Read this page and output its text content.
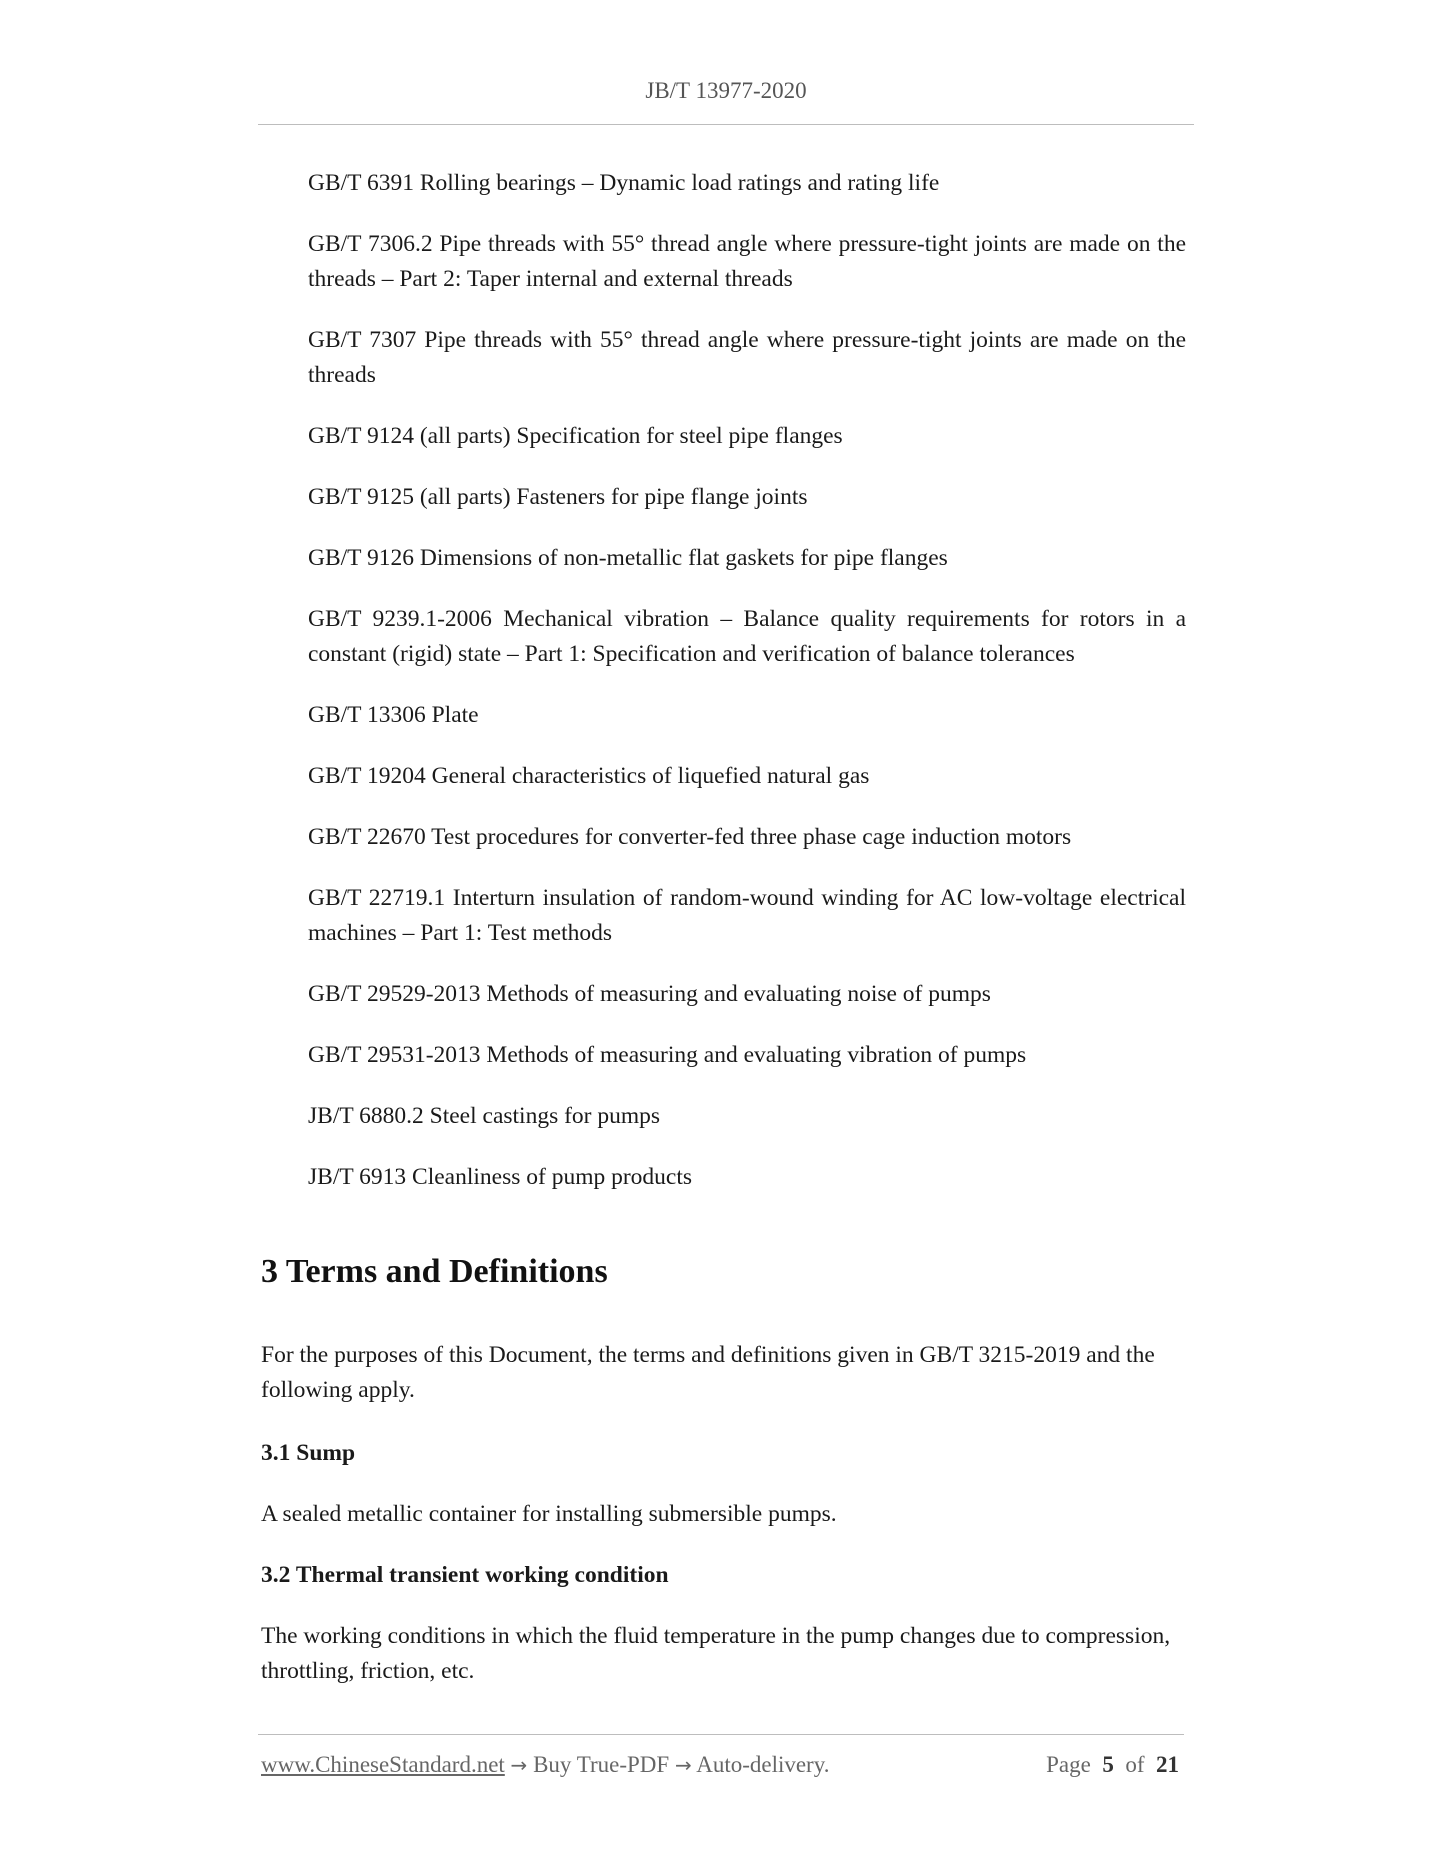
JB/T 13977-2020

GB/T 6391 Rolling bearings – Dynamic load ratings and rating life

GB/T 7306.2 Pipe threads with 55° thread angle where pressure-tight joints are made on the threads – Part 2: Taper internal and external threads

GB/T 7307 Pipe threads with 55° thread angle where pressure-tight joints are made on the threads

GB/T 9124 (all parts) Specification for steel pipe flanges

GB/T 9125 (all parts) Fasteners for pipe flange joints

GB/T 9126 Dimensions of non-metallic flat gaskets for pipe flanges

GB/T 9239.1-2006 Mechanical vibration – Balance quality requirements for rotors in a constant (rigid) state – Part 1: Specification and verification of balance tolerances

GB/T 13306 Plate

GB/T 19204 General characteristics of liquefied natural gas

GB/T 22670 Test procedures for converter-fed three phase cage induction motors

GB/T 22719.1 Interturn insulation of random-wound winding for AC low-voltage electrical machines – Part 1: Test methods

GB/T 29529-2013 Methods of measuring and evaluating noise of pumps

GB/T 29531-2013 Methods of measuring and evaluating vibration of pumps

JB/T 6880.2 Steel castings for pumps

JB/T 6913 Cleanliness of pump products

3 Terms and Definitions
For the purposes of this Document, the terms and definitions given in GB/T 3215-2019 and the following apply.
3.1 Sump
A sealed metallic container for installing submersible pumps.
3.2 Thermal transient working condition
The working conditions in which the fluid temperature in the pump changes due to compression, throttling, friction, etc.
www.ChineseStandard.net → Buy True-PDF → Auto-delivery.	Page 5 of 21
